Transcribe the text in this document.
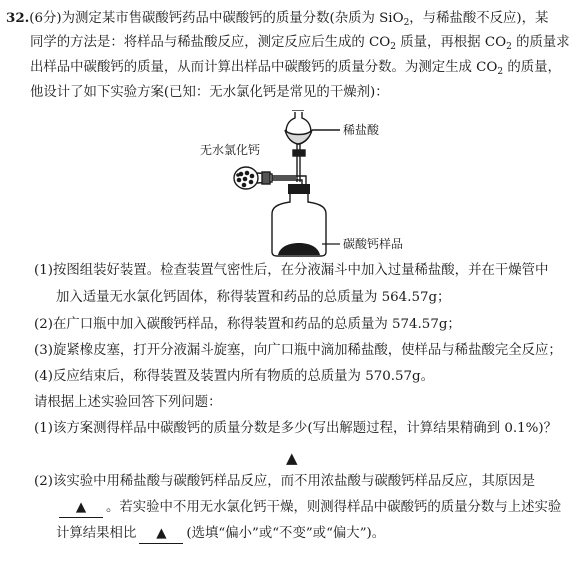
32.(6分)为测定某市售碳酸钙药品中碳酸钙的质量分数(杂质为 SiO$_2$，与稀盐酸不反应)，某
同学的方法是：将样品与稀盐酸反应，测定反应后生成的 $CO_2$ 质量，再根据 $CO_2$ 的质量求
出样品中碳酸钙的质量，从而计算出样品中碳酸钙的质量分数。为测定生成 $CO_2$ 的质量，
他设计了如下实验方案(已知：无水氯化钙是常见的干燥剂)：
无水氯化钙
稀盐酸
碳酸钙样品
(1)按图组装好装置。检查装置气密性后，在分液漏斗中加入过量稀盐酸，并在干燥管中
加入适量无水氯化钙固体，称得装置和药品的总质量为 564.57g；
(2)在广口瓶中加入碳酸钙样品，称得装置和药品的总质量为 574.57g；
(3)旋紧橡皮塞，打开分液漏斗旋塞，向广口瓶中滴加稀盐酸，使样品与稀盐酸完全反应；
(4)反应结束后，称得装置及装置内所有物质的总质量为 570.57g。
请根据上述实验回答下列问题：
(1)该方案测得样品中碳酸钙的质量分数是多少(写出解题过程，计算结果精确到 0.1%)？
▲
(2)该实验中用稀盐酸与碳酸钙样品反应，而不用浓盐酸与碳酸钙样品反应，其原因是
▲ 。若实验中不用无水氯化钙干燥，则测得样品中碳酸钙的质量分数与上述实验
计算结果相比 ▲ (选填“偏小”或“不变”或“偏大”)。
